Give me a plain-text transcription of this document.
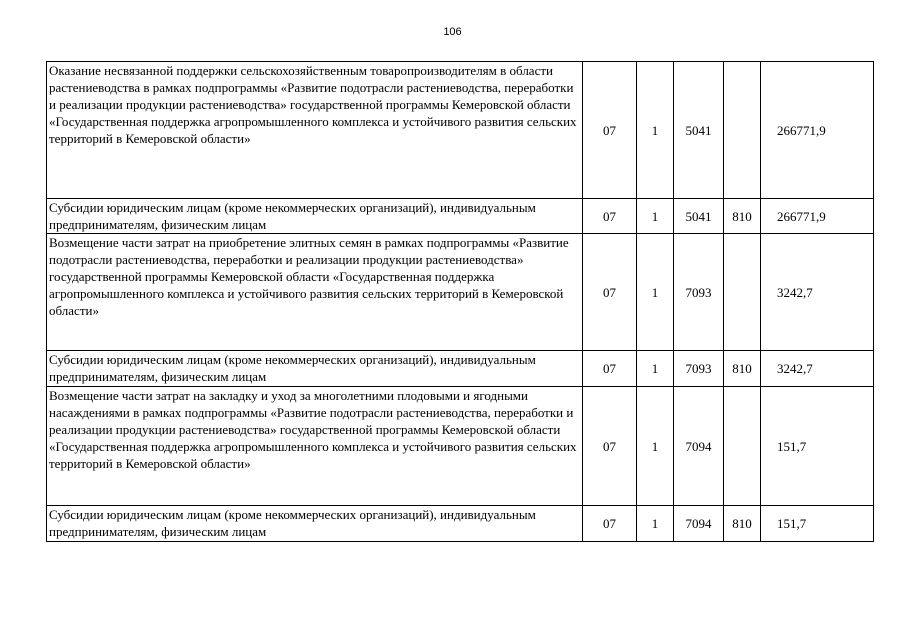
106
Оказание несвязанной поддержки сельскохозяйственным товаропроизводителям в области растениеводства в рамках подпрограммы «Развитие подотрасли растениеводства, переработки и реализации продукции растениеводства» государственной программы Кемеровской области «Государственная поддержка агропромышленного комплекса и устойчивого развития сельских территорий в Кемеровской области»	07	1	5041		266771,9
Субсидии юридическим лицам (кроме некоммерческих организаций), индивидуальным предпринимателям, физическим лицам	07	1	5041	810	266771,9
Возмещение части затрат на приобретение элитных семян в рамках подпрограммы «Развитие подотрасли растениеводства, переработки и реализации продукции растениеводства» государственной программы Кемеровской области «Государственная поддержка агропромышленного комплекса и устойчивого развития сельских территорий в Кемеровской области»	07	1	7093		3242,7
Субсидии юридическим лицам (кроме некоммерческих организаций), индивидуальным предпринимателям, физическим лицам	07	1	7093	810	3242,7
Возмещение части затрат на закладку и уход за многолетними плодовыми и ягодными насаждениями в рамках подпрограммы «Развитие подотрасли растениеводства, переработки и реализации продукции растениеводства» государственной программы Кемеровской области «Государственная поддержка агропромышленного комплекса и устойчивого развития сельских территорий в Кемеровской области»	07	1	7094		151,7
Субсидии юридическим лицам (кроме некоммерческих организаций), индивидуальным предпринимателям, физическим лицам	07	1	7094	810	151,7
